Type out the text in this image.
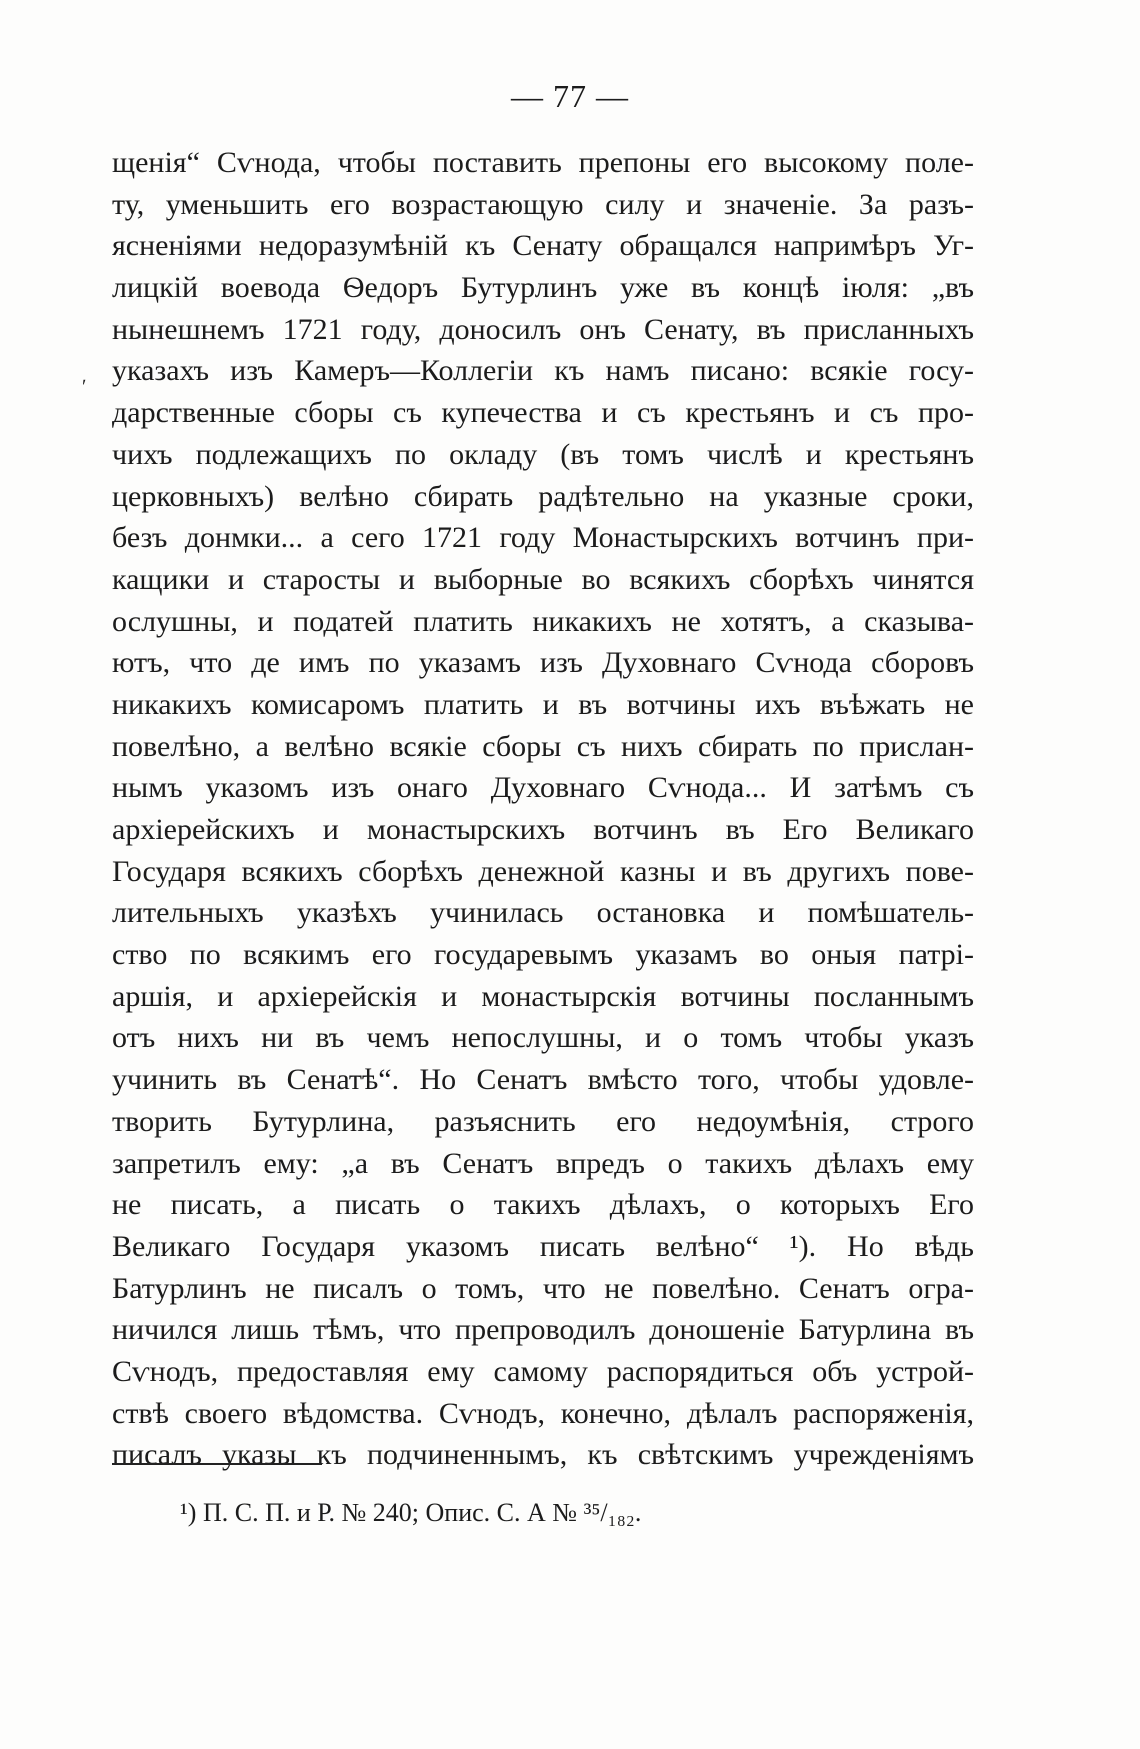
— 77 —
ʹ
щенія“ Сѵнода, чтобы поставить препоны его высокому поле-
ту, уменьшить его возрастающую силу и значеніе. За разъ-
ясненіями недоразумѣній къ Сенату обращался напримѣръ Уг-
лицкій воевода Ѳедоръ Бутурлинъ уже въ концѣ іюля: „въ
нынешнемъ 1721 году, доносилъ онъ Сенату, въ присланныхъ
указахъ изъ Камеръ—Коллегіи къ намъ писано: всякіе госу-
дарственные сборы съ купечества и съ крестьянъ и съ про-
чихъ подлежащихъ по окладу (въ томъ числѣ и крестьянъ
церковныхъ) велѣно сбирать радѣтельно на указные сроки,
безъ донмки... а сего 1721 году Монастырскихъ вотчинъ при-
кащики и старосты и выборные во всякихъ сборѣхъ чинятся
ослушны, и податей платить никакихъ не хотятъ, а сказыва-
ютъ, что де имъ по указамъ изъ Духовнаго Сѵнода сборовъ
никакихъ комисаромъ платить и въ вотчины ихъ въѣжать не
повелѣно, а велѣно всякіе сборы съ нихъ сбирать по прислан-
нымъ указомъ изъ онаго Духовнаго Сѵнода... И затѣмъ съ
архіерейскихъ и монастырскихъ вотчинъ въ Его Великаго
Государя всякихъ сборѣхъ денежной казны и въ другихъ пове-
лительныхъ указѣхъ учинилась остановка и помѣшатель-
ство по всякимъ его государевымъ указамъ во оныя патрі-
аршія, и архіерейскія и монастырскія вотчины посланнымъ
отъ нихъ ни въ чемъ непослушны, и о томъ чтобы указъ
учинить въ Сенатѣ“. Но Сенатъ вмѣсто того, чтобы удовле-
творить Бутурлина, разъяснить его недоумѣнія, строго
запретилъ ему: „а въ Сенатъ впредъ о такихъ дѣлахъ ему
не писать, а писать о такихъ дѣлахъ, о которыхъ Его
Великаго Государя указомъ писать велѣно“ ¹). Но вѣдь
Батурлинъ не писалъ о томъ, что не повелѣно. Сенатъ огра-
ничился лишь тѣмъ, что препроводилъ доношеніе Батурлина въ
Сѵнодъ, предоставляя ему самому распорядиться объ устрой-
ствѣ своего вѣдомства. Сѵнодъ, конечно, дѣлалъ распоряженія,
писалъ указы къ подчиненнымъ, къ свѣтскимъ учрежденіямъ
¹) П. С. П. и Р. № 240; Опис. С. А № ³⁵/₁₈₂.
